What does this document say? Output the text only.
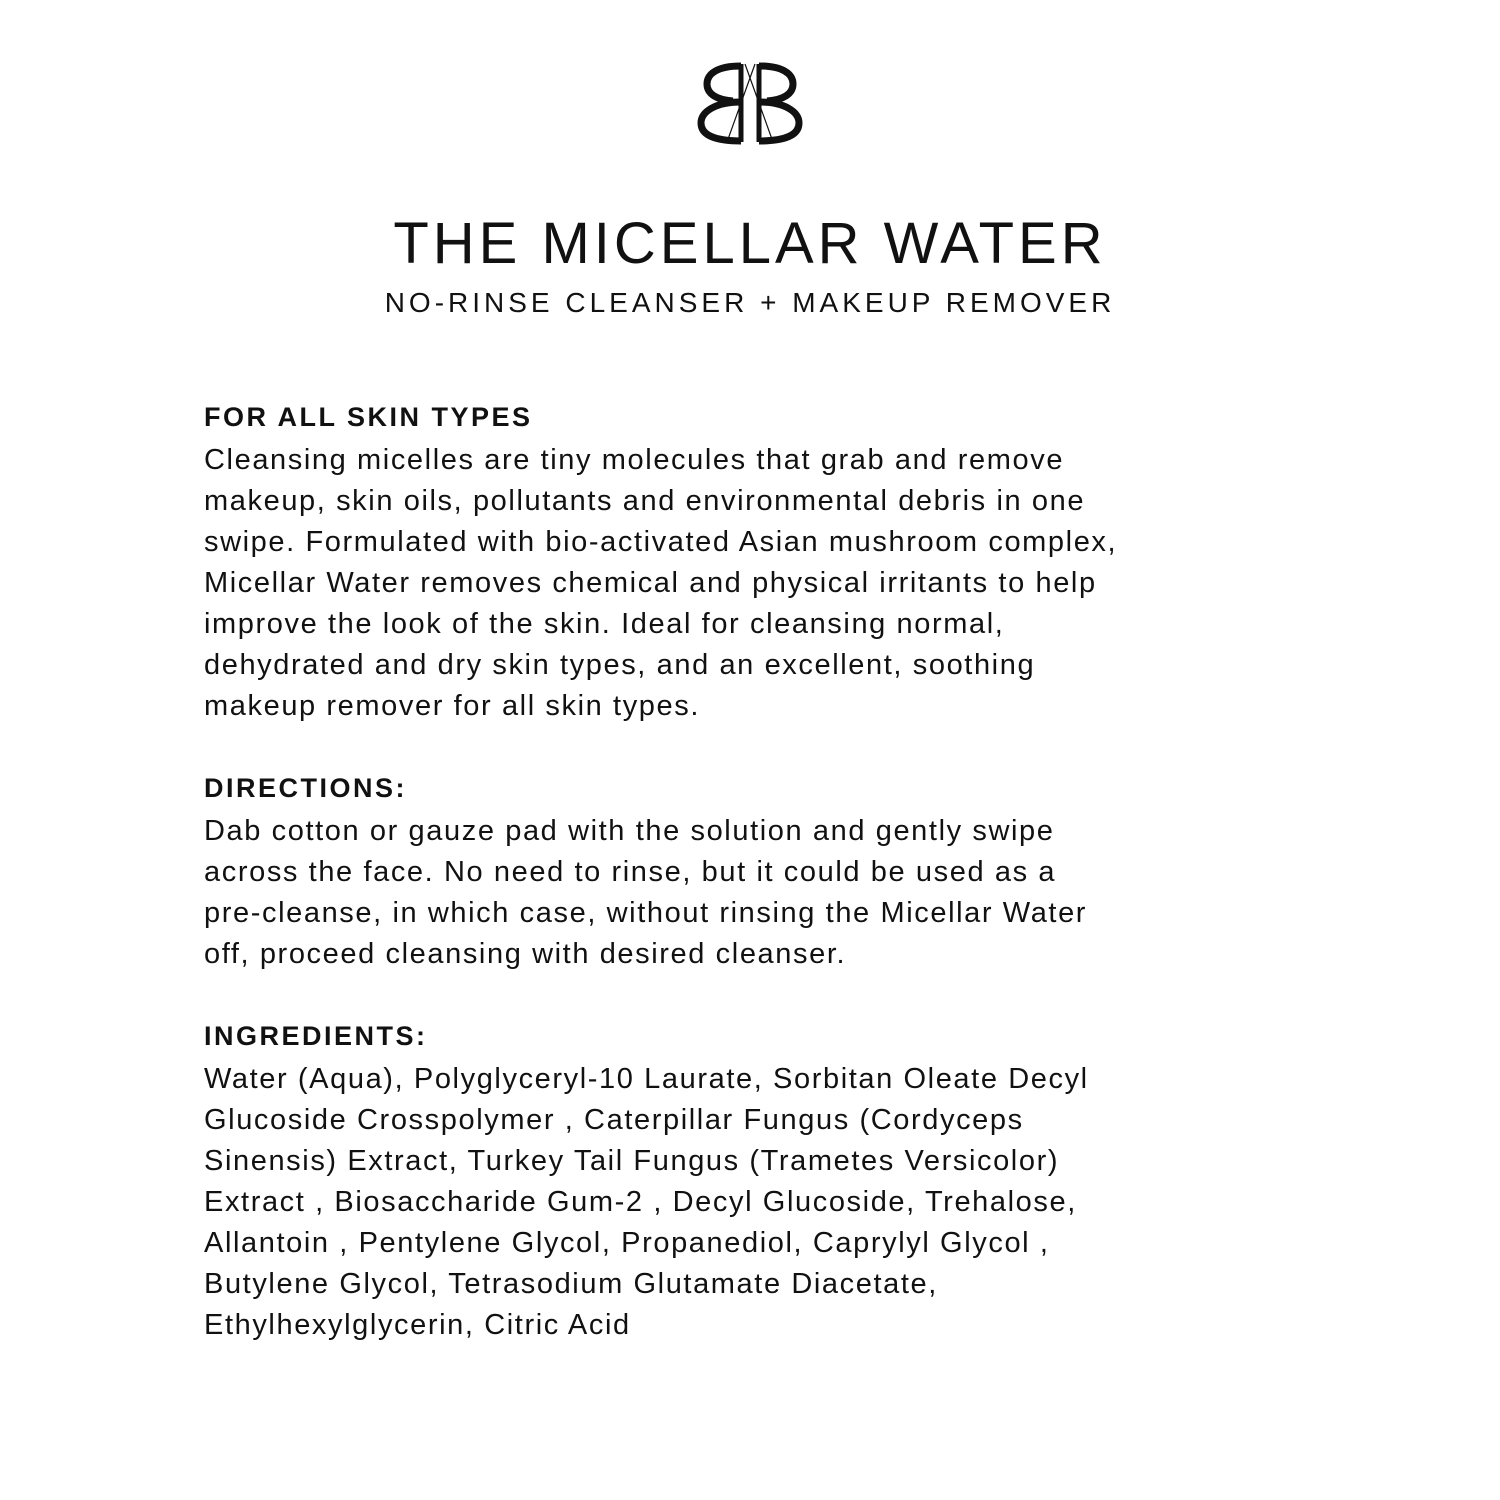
THE MICELLAR WATER
NO-RINSE CLEANSER + MAKEUP REMOVER
FOR ALL SKIN TYPES

Cleansing micelles are tiny molecules that grab and remove
makeup, skin oils, pollutants and environmental debris in one
swipe. Formulated with bio-activated Asian mushroom complex,
Micellar Water removes chemical and physical irritants to help
improve the look of the skin. Ideal for cleansing normal,
dehydrated and dry skin types, and an excellent, soothing
makeup remover for all skin types.

DIRECTIONS:

Dab cotton or gauze pad with the solution and gently swipe
across the face. No need to rinse, but it could be used as a
pre-cleanse, in which case, without rinsing the Micellar Water
off, proceed cleansing with desired cleanser.

INGREDIENTS:

Water (Aqua), Polyglyceryl-10 Laurate, Sorbitan Oleate Decyl
Glucoside Crosspolymer , Caterpillar Fungus (Cordyceps
Sinensis) Extract, Turkey Tail Fungus (Trametes Versicolor)
Extract , Biosaccharide Gum-2 , Decyl Glucoside, Trehalose,
Allantoin , Pentylene Glycol, Propanediol, Caprylyl Glycol ,
Butylene Glycol, Tetrasodium Glutamate Diacetate,
Ethylhexylglycerin, Citric Acid
